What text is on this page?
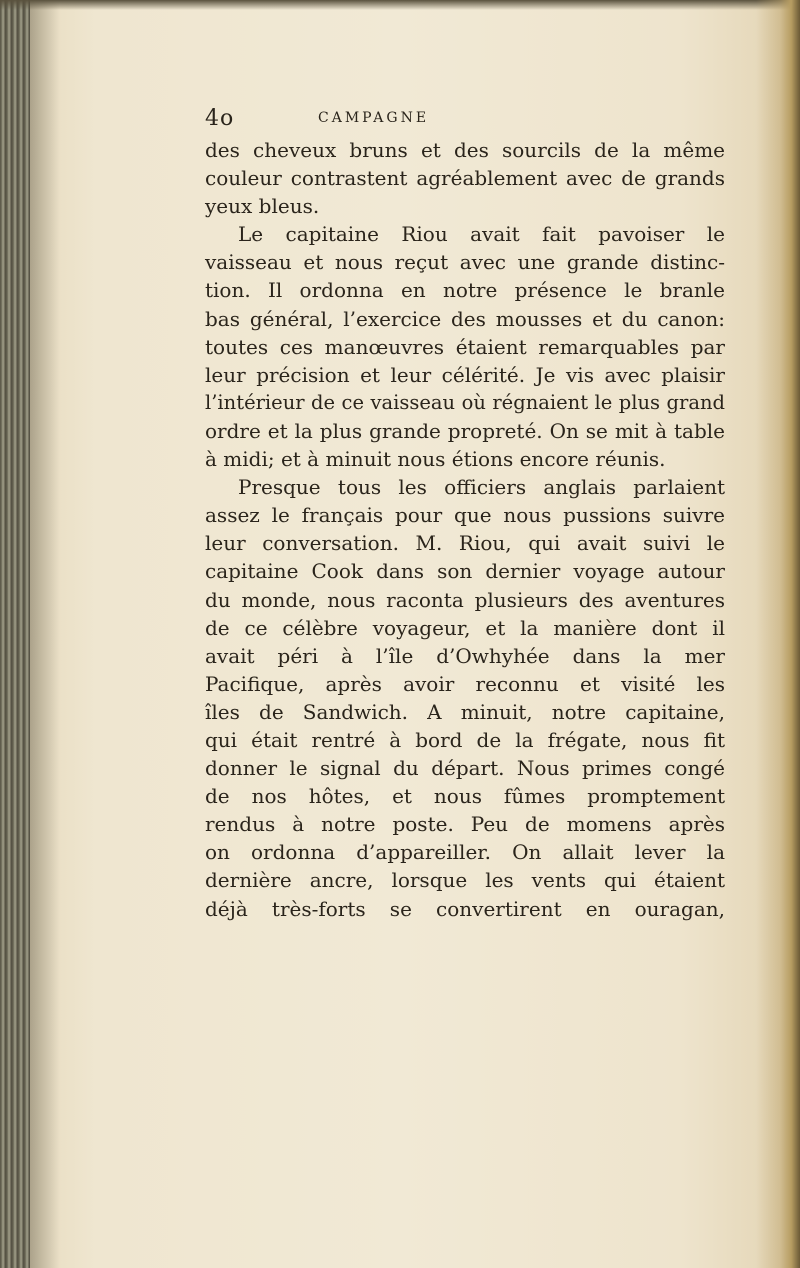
4o	CAMPAGNE
des cheveux bruns et des sourcils de la même
couleur contrastent agréablement avec de grands
yeux bleus.
Le capitaine Riou avait fait pavoiser le
vaisseau et nous reçut avec une grande distinc-
tion. Il ordonna en notre présence le branle
bas général, l’exercice des mousses et du canon:
toutes ces manœuvres étaient remarquables par
leur précision et leur célérité. Je vis avec plaisir
l’intérieur de ce vaisseau où régnaient le plus grand
ordre et la plus grande propreté. On se mit à table
à midi; et à minuit nous étions encore réunis.
Presque tous les officiers anglais parlaient
assez le français pour que nous pussions suivre
leur conversation. M. Riou, qui avait suivi le
capitaine Cook dans son dernier voyage autour
du monde, nous raconta plusieurs des aventures
de ce célèbre voyageur, et la manière dont il
avait péri à l’île d’Owhyhée dans la mer
Pacifique, après avoir reconnu et visité les
îles de Sandwich. A minuit, notre capitaine,
qui était rentré à bord de la frégate, nous fit
donner le signal du départ. Nous primes congé
de nos hôtes, et nous fûmes promptement
rendus à notre poste. Peu de momens après
on ordonna d’appareiller. On allait lever la
dernière ancre, lorsque les vents qui étaient
déjà très-forts se convertirent en ouragan,
